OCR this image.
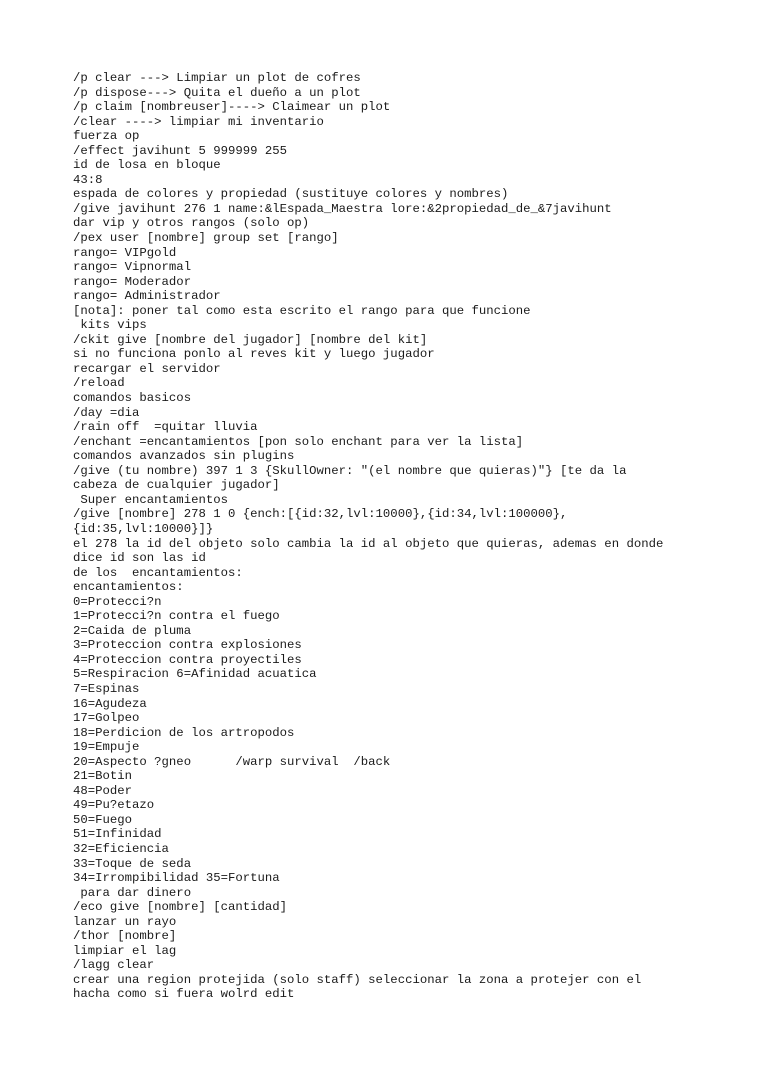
/p clear ---> Limpiar un plot de cofres
/p dispose---> Quita el dueño a un plot
/p claim [nombreuser]----> Claimear un plot
/clear ----> limpiar mi inventario
fuerza op
/effect javihunt 5 999999 255
id de losa en bloque
43:8
espada de colores y propiedad (sustituye colores y nombres)
/give javihunt 276 1 name:&lEspada_Maestra lore:&2propiedad_de_&7javihunt
dar vip y otros rangos (solo op)
/pex user [nombre] group set [rango]
rango= VIPgold
rango= Vipnormal
rango= Moderador
rango= Administrador
[nota]: poner tal como esta escrito el rango para que funcione
kits vips
/ckit give [nombre del jugador] [nombre del kit]
si no funciona ponlo al reves kit y luego jugador
recargar el servidor
/reload
comandos basicos
/day =dia
/rain off  =quitar lluvia
/enchant =encantamientos [pon solo enchant para ver la lista]
comandos avanzados sin plugins
/give (tu nombre) 397 1 3 {SkullOwner: "(el nombre que quieras)"} [te da la
cabeza de cualquier jugador]
Super encantamientos
/give [nombre] 278 1 0 {ench:[{id:32,lvl:10000},{id:34,lvl:100000},
{id:35,lvl:10000}]}
el 278 la id del objeto solo cambia la id al objeto que quieras, ademas en donde
dice id son las id
de los  encantamientos:
encantamientos:
0=Protecci?n
1=Protecci?n contra el fuego
2=Caida de pluma
3=Proteccion contra explosiones
4=Proteccion contra proyectiles
5=Respiracion 6=Afinidad acuatica
7=Espinas
16=Agudeza
17=Golpeo
18=Perdicion de los artropodos
19=Empuje
20=Aspecto ?gneo      /warp survival  /back
21=Botin
48=Poder
49=Pu?etazo
50=Fuego
51=Infinidad
32=Eficiencia
33=Toque de seda
34=Irrompibilidad 35=Fortuna
para dar dinero
/eco give [nombre] [cantidad]
lanzar un rayo
/thor [nombre]
limpiar el lag
/lagg clear
crear una region protejida (solo staff) seleccionar la zona a protejer con el
hacha como si fuera wolrd edit
